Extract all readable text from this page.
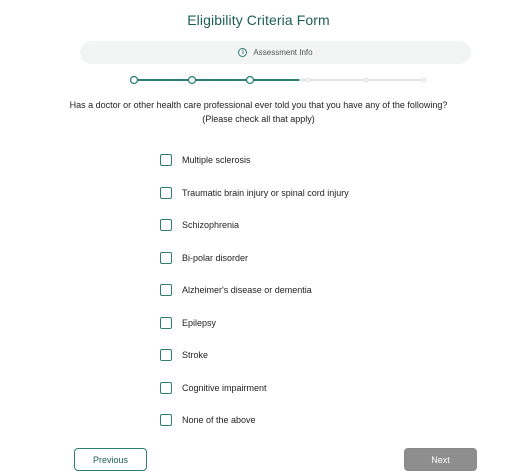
Eligibility Criteria Form
i	Assessment Info
Has a doctor or other health care professional ever told you that you have any of the following?
(Please check all that apply)
Multiple sclerosis
Traumatic brain injury or spinal cord injury
Schizophrenia
Bi-polar disorder
Alzheimer's disease or dementia
Epilepsy
Stroke
Cognitive impairment
None of the above
Previous	Next
